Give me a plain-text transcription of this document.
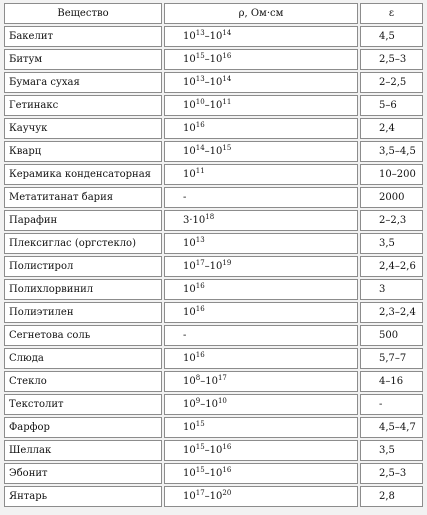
Вещество	ρ, Ом·см	ε
Бакелит	$10^{13}-10^{14}$	4,5
Битум	$10^{15}-10^{16}$	2,5–3
Бумага сухая	$10^{13}-10^{14}$	2–2,5
Гетинакс	$10^{10}-10^{11}$	5–6
Каучук	$10^{16}$	2,4
Кварц	$10^{14}-10^{15}$	3,5–4,5
Керамика конденсаторная	$10^{11}$	10–200
Метатитанат бария	-	2000
Парафин	$3\cdot 10^{18}$	2–2,3
Плексиглас (оргстекло)	$10^{13}$	3,5
Полистирол	$10^{17}-10^{19}$	2,4–2,6
Полихлорвинил	$10^{16}$	3
Полиэтилен	$10^{16}$	2,3–2,4
Сегнетова соль	-	500
Слюда	$10^{16}$	5,7–7
Стекло	$10^8-10^{17}$	4–16
Текстолит	$10^9-10^{10}$	-
Фарфор	$10^{15}$	4,5–4,7
Шеллак	$10^{15}-10^{16}$	3,5
Эбонит	$10^{15}-10^{16}$	2,5–3
Янтарь	$10^{17}-10^{20}$	2,8
